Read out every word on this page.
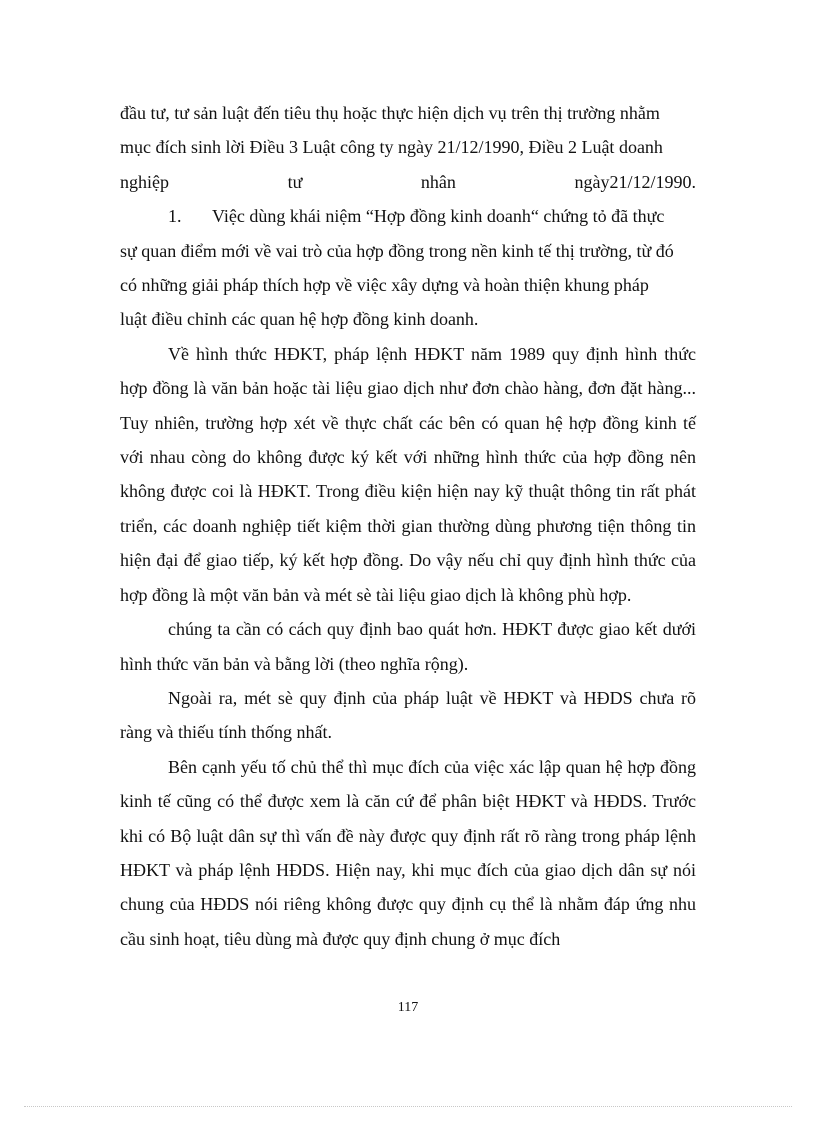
đầu tư, tư sản luật đến tiêu thụ hoặc thực hiện dịch vụ trên thị trường nhằm
mục đích sinh lời Điều 3 Luật công ty ngày 21/12/1990, Điều 2 Luật doanh
nghiệp	tư	nhân	ngày21/12/1990.
1. Việc dùng khái niệm “Hợp đồng kinh doanh“ chứng tỏ đã thực
sự quan điểm mới về vai trò của hợp đồng trong nền kinh tế thị trường, từ đó
có những giải pháp thích hợp về việc xây dựng và hoàn thiện khung pháp
luật điều chỉnh các quan hệ hợp đồng kinh doanh.

Về hình thức HĐKT, pháp lệnh HĐKT năm 1989 quy định hình thức hợp đồng là văn bản hoặc tài liệu giao dịch như đơn chào hàng, đơn đặt hàng... Tuy nhiên, trường hợp xét về thực chất các bên có quan hệ hợp đồng kinh tế với nhau còng do không được ký kết với những hình thức của hợp đồng nên không được coi là HĐKT. Trong điều kiện hiện nay kỹ thuật thông tin rất phát triển, các doanh nghiệp tiết kiệm thời gian thường dùng phương tiện thông tin hiện đại để giao tiếp, ký kết hợp đồng. Do vậy nếu chỉ quy định hình thức của hợp đồng là một văn bản và mét sè tài liệu giao dịch là không phù hợp.

chúng ta cần có cách quy định bao quát hơn. HĐKT được giao kết dưới hình thức văn bản và bằng lời (theo nghĩa rộng).

Ngoài ra, mét sè quy định của pháp luật về HĐKT và HĐDS chưa rõ ràng và thiếu tính thống nhất.

Bên cạnh yếu tố chủ thể thì mục đích của việc xác lập quan hệ hợp đồng kinh tế cũng có thể được xem là căn cứ để phân biệt HĐKT và HĐDS. Trước khi có Bộ luật dân sự thì vấn đề này được quy định rất rõ ràng trong pháp lệnh HĐKT và pháp lệnh HĐDS. Hiện nay, khi mục đích của giao dịch dân sự nói chung của HĐDS nói riêng không được quy định cụ thể là nhằm đáp ứng nhu cầu sinh hoạt, tiêu dùng mà được quy định chung ở mục đích

117
